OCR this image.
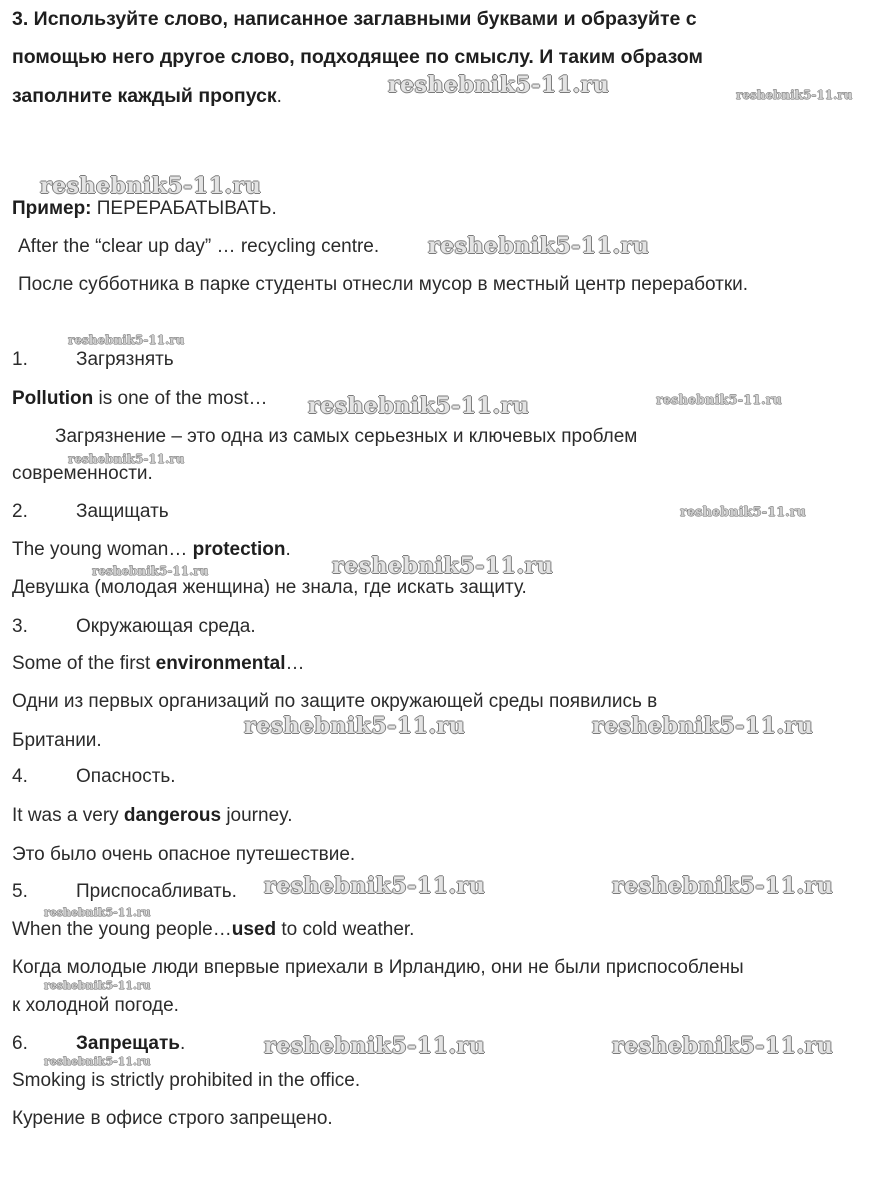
3. Используйте слово, написанное заглавными буквами и образуйте с
помощью него другое слово, подходящее по смыслу. И таким образом
заполните каждый пропуск.
Пример: ПЕРЕРАБАТЫВАТЬ.
After the “clear up day” … recycling centre.
После субботника в парке студенты отнесли мусор в местный центр переработки.
1.	Загрязнять
Pollution is one of the most…
Загрязнение – это одна из самых серьезных и ключевых проблем
современности.
2.	Защищать
The young woman… protection.
Девушка (молодая женщина) не знала, где искать защиту.
3.	Окружающая среда.
Some of the first environmental…
Одни из первых организаций по защите окружающей среды появились в
Британии.
4.	Опасность.
It was a very dangerous journey.
Это было очень опасное путешествие.
5.	Приспосабливать.
When the young people…used to cold weather.
Когда молодые люди впервые приехали в Ирландию, они не были приспособлены
к холодной погоде.
6.	Запрещать.
Smoking is strictly prohibited in the office.
Курение в офисе строго запрещено.
reshebnik5-11.ru	reshebnik5-11.ru
reshebnik5-11.ru
reshebnik5-11.ru
reshebnik5-11.ru
reshebnik5-11.ru	reshebnik5-11.ru
reshebnik5-11.ru
reshebnik5-11.ru
reshebnik5-11.ru
reshebnik5-11.ru
reshebnik5-11.ru	reshebnik5-11.ru
reshebnik5-11.ru	reshebnik5-11.ru
reshebnik5-11.ru
reshebnik5-11.ru
reshebnik5-11.ru	reshebnik5-11.ru
reshebnik5-11.ru
